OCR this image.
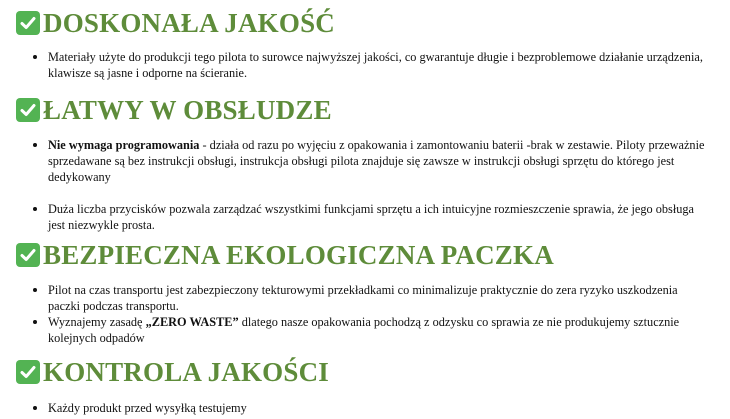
DOSKONAŁA JAKOŚĆ
Materiały użyte do produkcji tego pilota to surowce najwyższej jakości, co gwarantuje długie i bezproblemowe działanie urządzenia, klawisze są jasne i odporne na ścieranie.
ŁATWY W OBSŁUDZE
Nie wymaga programowania - działa od razu po wyjęciu z opakowania i zamontowaniu baterii -brak w zestawie. Piloty przeważnie sprzedawane są bez instrukcji obsługi, instrukcja obsługi pilota znajduje się zawsze w instrukcji obsługi sprzętu do którego jest dedykowany
Duża liczba przycisków pozwala zarządzać wszystkimi funkcjami sprzętu a ich intuicyjne rozmieszczenie sprawia, że jego obsługa jest niezwykle prosta.
BEZPIECZNA EKOLOGICZNA PACZKA
Pilot na czas transportu jest zabezpieczony tekturowymi przekładkami co minimalizuje praktycznie do zera ryzyko uszkodzenia paczki podczas transportu.
Wyznajemy zasadę „ZERO WASTE” dlatego nasze opakowania pochodzą z odzysku co sprawia ze nie produkujemy sztucznie kolejnych odpadów
KONTROLA JAKOŚCI
Każdy produkt przed wysyłką testujemy
